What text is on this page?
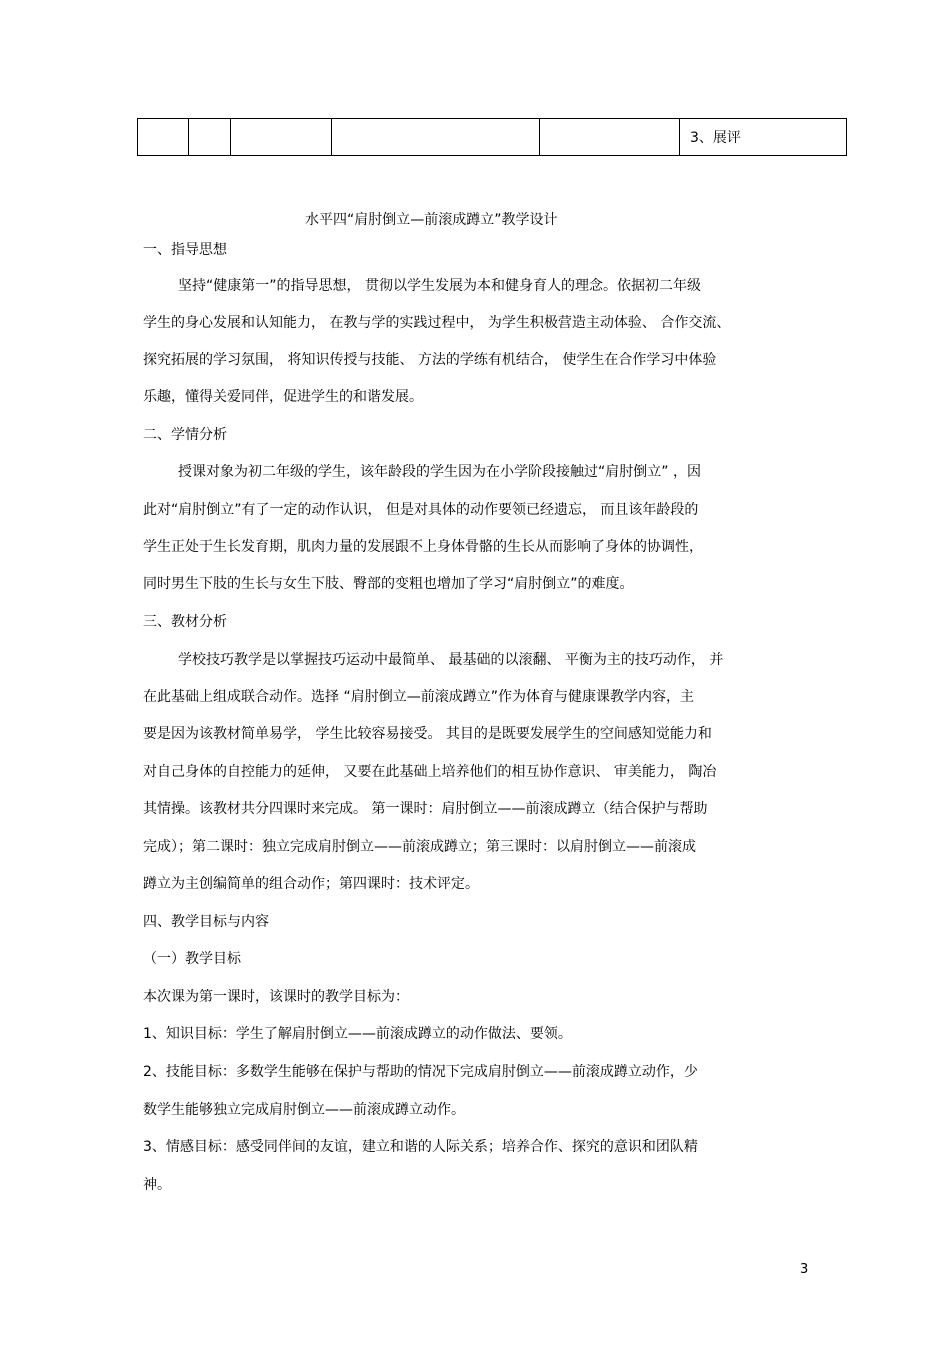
					3、展评
水平四“肩肘倒立—前滚成蹲立”教学设计
一、指导思想
坚持“健康第一”的指导思想， 贯彻以学生发展为本和健身育人的理念。依据初二年级
学生的身心发展和认知能力， 在教与学的实践过程中， 为学生积极营造主动体验、 合作交流、
探究拓展的学习氛围， 将知识传授与技能、 方法的学练有机结合， 使学生在合作学习中体验
乐趣，懂得关爱同伴，促进学生的和谐发展。
二、学情分析
授课对象为初二年级的学生，该年龄段的学生因为在小学阶段接触过“肩肘倒立” ，因
此对“肩肘倒立”有了一定的动作认识， 但是对具体的动作要领已经遗忘， 而且该年龄段的
学生正处于生长发育期，肌肉力量的发展跟不上身体骨骼的生长从而影响了身体的协调性，
同时男生下肢的生长与女生下肢、臀部的变粗也增加了学习“肩肘倒立”的难度。
三、教材分析
学校技巧教学是以掌握技巧运动中最简单、 最基础的以滚翻、 平衡为主的技巧动作， 并
在此基础上组成联合动作。选择 “肩肘倒立—前滚成蹲立”作为体育与健康课教学内容，主
要是因为该教材简单易学， 学生比较容易接受。 其目的是既要发展学生的空间感知觉能力和
对自己身体的自控能力的延伸， 又要在此基础上培养他们的相互协作意识、 审美能力， 陶冶
其情操。该教材共分四课时来完成。 第一课时：肩肘倒立——前滚成蹲立（结合保护与帮助
完成）；第二课时：独立完成肩肘倒立——前滚成蹲立；第三课时：以肩肘倒立——前滚成
蹲立为主创编简单的组合动作；第四课时：技术评定。
四、教学目标与内容
（一）教学目标
本次课为第一课时，该课时的教学目标为：
1、知识目标：学生了解肩肘倒立——前滚成蹲立的动作做法、要领。
2、技能目标：多数学生能够在保护与帮助的情况下完成肩肘倒立——前滚成蹲立动作，少
数学生能够独立完成肩肘倒立——前滚成蹲立动作。
3、情感目标：感受同伴间的友谊，建立和谐的人际关系；培养合作、探究的意识和团队精
神。
3
